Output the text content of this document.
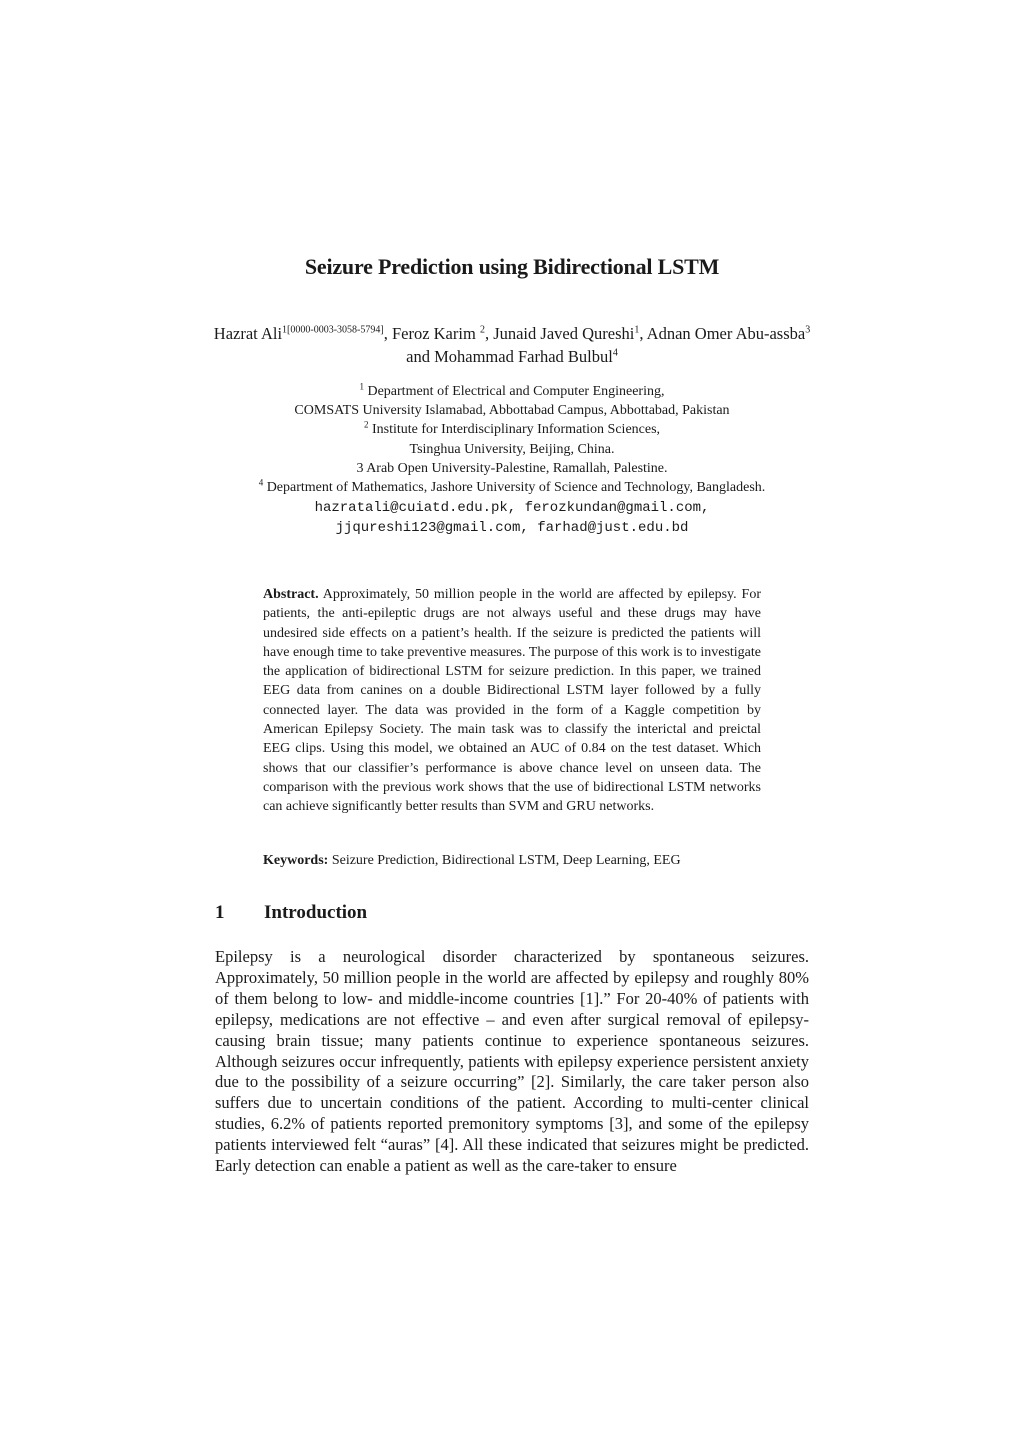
Seizure Prediction using Bidirectional LSTM
Hazrat Ali$^{1[0000-0003-3058-5794]}$, Feroz Karim $^2$, Junaid Javed Qureshi$^1$, Adnan Omer Abu-assba$^3$ and Mohammad Farhad Bulbul$^4$
$^1$ Department of Electrical and Computer Engineering,
COMSATS University Islamabad, Abbottabad Campus, Abbottabad, Pakistan
$^2$ Institute for Interdisciplinary Information Sciences,
Tsinghua University, Beijing, China.
3 Arab Open University-Palestine, Ramallah, Palestine.
$^4$ Department of Mathematics, Jashore University of Science and Technology, Bangladesh.
hazratali@cuiatd.edu.pk, ferozkundan@gmail.com,
jjqureshi123@gmail.com, farhad@just.edu.bd
Abstract. Approximately, 50 million people in the world are affected by epilepsy. For patients, the anti-epileptic drugs are not always useful and these drugs may have undesired side effects on a patient’s health. If the seizure is predicted the patients will have enough time to take preventive measures. The purpose of this work is to investigate the application of bidirectional LSTM for seizure prediction. In this paper, we trained EEG data from canines on a double Bidirectional LSTM layer followed by a fully connected layer. The data was provided in the form of a Kaggle competition by American Epilepsy Society. The main task was to classify the interictal and preictal EEG clips. Using this model, we obtained an AUC of 0.84 on the test dataset. Which shows that our classifier’s performance is above chance level on unseen data. The comparison with the previous work shows that the use of bidirectional LSTM networks can achieve significantly better results than SVM and GRU networks.
Keywords: Seizure Prediction, Bidirectional LSTM, Deep Learning, EEG
1 Introduction
Epilepsy is a neurological disorder characterized by spontaneous seizures. Approximately, 50 million people in the world are affected by epilepsy and roughly 80% of them belong to low- and middle-income countries [1].” For 20-40% of patients with epilepsy, medications are not effective – and even after surgical removal of epilepsy-causing brain tissue; many patients continue to experience spontaneous seizures. Although seizures occur infrequently, patients with epilepsy experience persistent anxiety due to the possibility of a seizure occurring” [2]. Similarly, the care taker person also suffers due to uncertain conditions of the patient. According to multi-center clinical studies, 6.2% of patients reported premonitory symptoms [3], and some of the epilepsy patients interviewed felt “auras” [4]. All these indicated that seizures might be predicted. Early detection can enable a patient as well as the care-taker to ensure
